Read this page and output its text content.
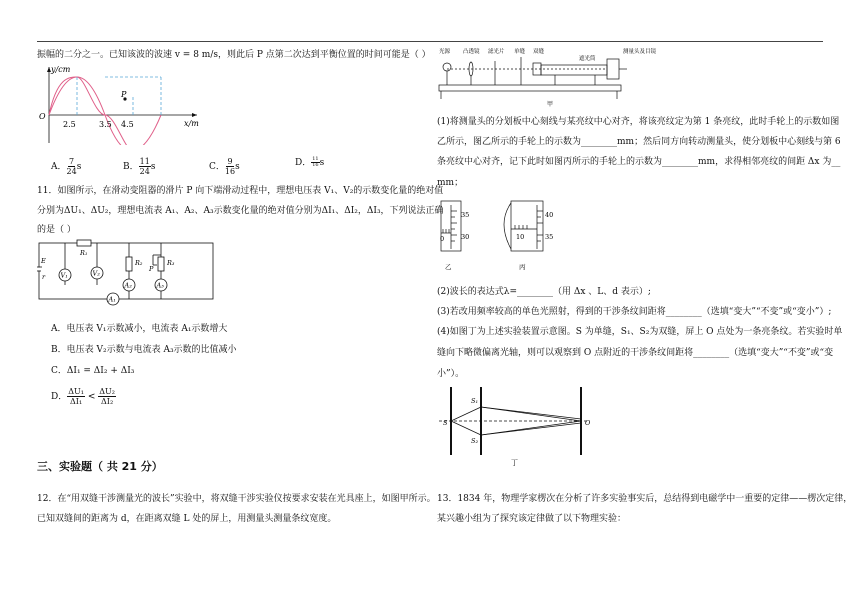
振幅的二分之一。已知该波的波速 v = 8 m/s，则此后 P 点第二次达到平衡位置的时间可能是（ ）
y/cm
O
2.5	3.5 4.5
P
x/m
A． $\frac{7}{24}$ s	B． $\frac{11}{24}$ s	C． $\frac{9}{16}$ s	D． $\frac{11}{16}$ s
11．如图所示，在滑动变阻器的滑片 P 向下端滑动过程中，理想电压表 V₁、V₂的示数变化量的绝对值
分别为ΔU₁、ΔU₂，理想电流表 A₁、A₂、A₃示数变化量的绝对值分别为ΔI₁、ΔI₂，ΔI₃，下列说法正确
的是（ ）
E
r
R₁
R₂	R₃
P
V₁	V₂
A₂	A₃
A₁
A．电压表 V₁示数减小，电流表 A₁示数增大
B．电压表 V₂示数与电流表 A₃示数的比值减小
C．ΔI₁ = ΔI₂ + ΔI₃
D． $\frac{\text{ΔU₁}}{\text{ΔI₁}} < \frac{\text{ΔU₂}}{\text{ΔI₂}}$
三、实验题（ 共 21 分）
12．在“用双缝干涉测量光的波长”实验中，将双缝干涉实验仪按要求安装在光具座上，如图甲所示。
已知双缝间的距离为 d，在距离双缝 L 处的屏上，用测量头测量条纹宽度。
光源 凸透镜 滤光片 单缝 双缝
遮光筒
测量头及目镜
甲
(1)将测量头的分划板中心刻线与某亮纹中心对齐，将该亮纹定为第 1 条亮纹，此时手轮上的示数如图
乙所示，图乙所示的手轮上的示数为________mm；然后同方向转动测量头，使分划板中心刻线与第 6
条亮纹中心对齐，记下此时如图丙所示的手轮上的示数为________mm，求得相邻亮纹的间距 Δx 为__
mm；
35
30
0
40
35
10
乙	丙
(2)波长的表达式λ=________（用 Δx 、L、d 表示）;
(3)若改用频率较高的单色光照射，得到的干涉条纹间距将________（选填“变大”“不变”或“变小”）;
(4)如图丁为上述实验装置示意图。S 为单缝，S₁、S₂为双缝，屏上 O 点处为一条亮条纹。若实验时单
缝向下略微偏离光轴，则可以观察到 O 点附近的干涉条纹间距将________（选填“变大”“不变”或“变
小”）。
S
S₁
S₂
O
丁
13．1834 年，物理学家楞次在分析了许多实验事实后，总结得到电磁学中一重要的定律——楞次定律，
某兴趣小组为了探究该定律做了以下物理实验：
